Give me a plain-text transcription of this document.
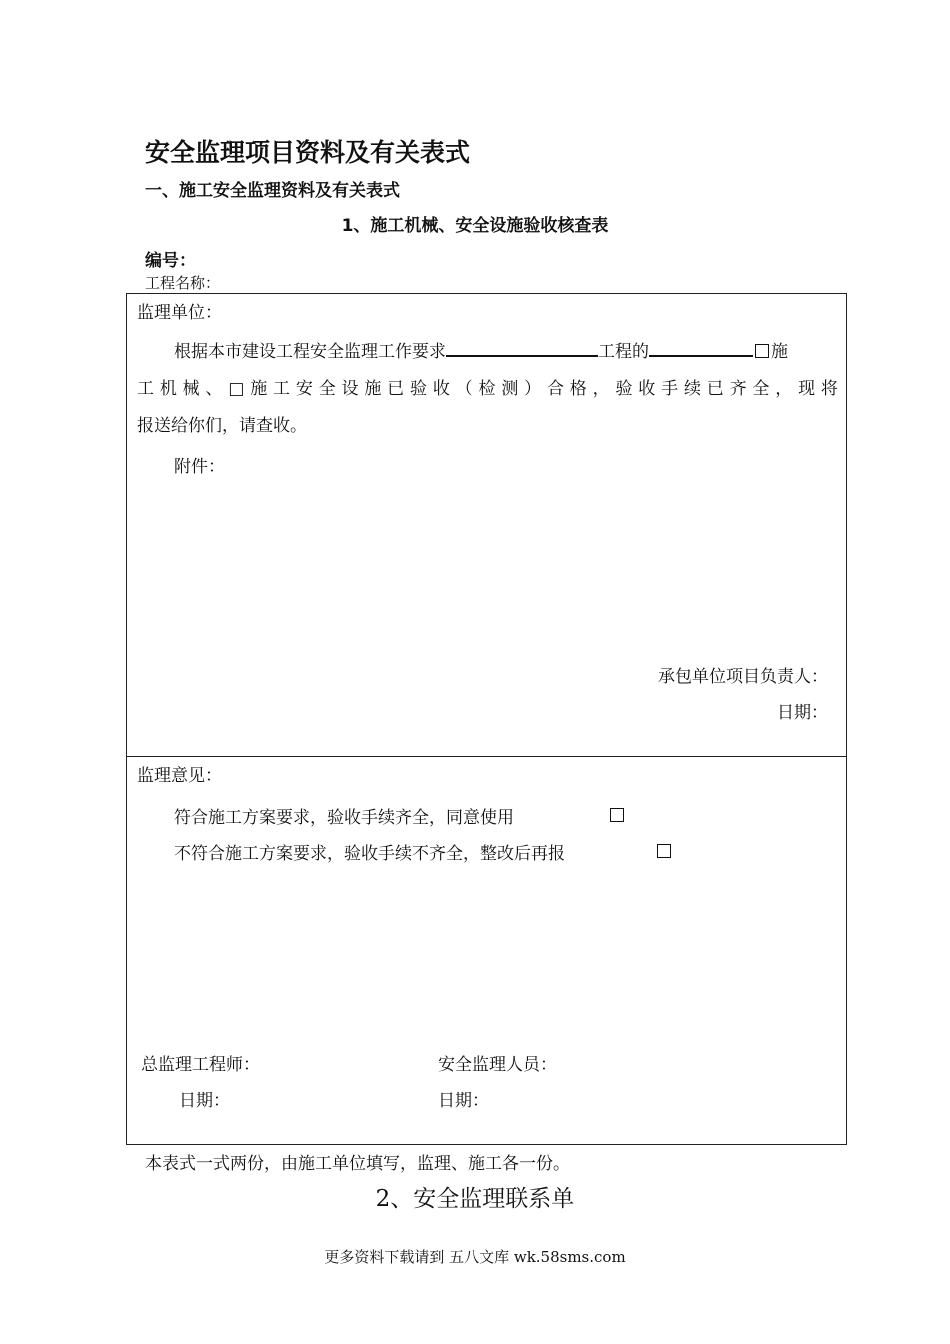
安全监理项目资料及有关表式
一、施工安全监理资料及有关表式
1、施工机械、安全设施验收核查表
编号：
工程名称：
监理单位：
根据本市建设工程安全监理工作要求	工程的	施
工 机 械 、 □ 施 工 安 全 设 施 已 验 收 （ 检 测 ） 合 格 ， 验 收 手 续 已 齐 全 ， 现 将
报送给你们，请查收。
附件：
承包单位项目负责人：
日期：
监理意见：
符合施工方案要求，验收手续齐全，同意使用
不符合施工方案要求，验收手续不齐全，整改后再报
总监理工程师：	安全监理人员：
日期：	日期：
本表式一式两份，由施工单位填写，监理、施工各一份。
2、安全监理联系单
更多资料下载请到 五八文库 wk.58sms.com
